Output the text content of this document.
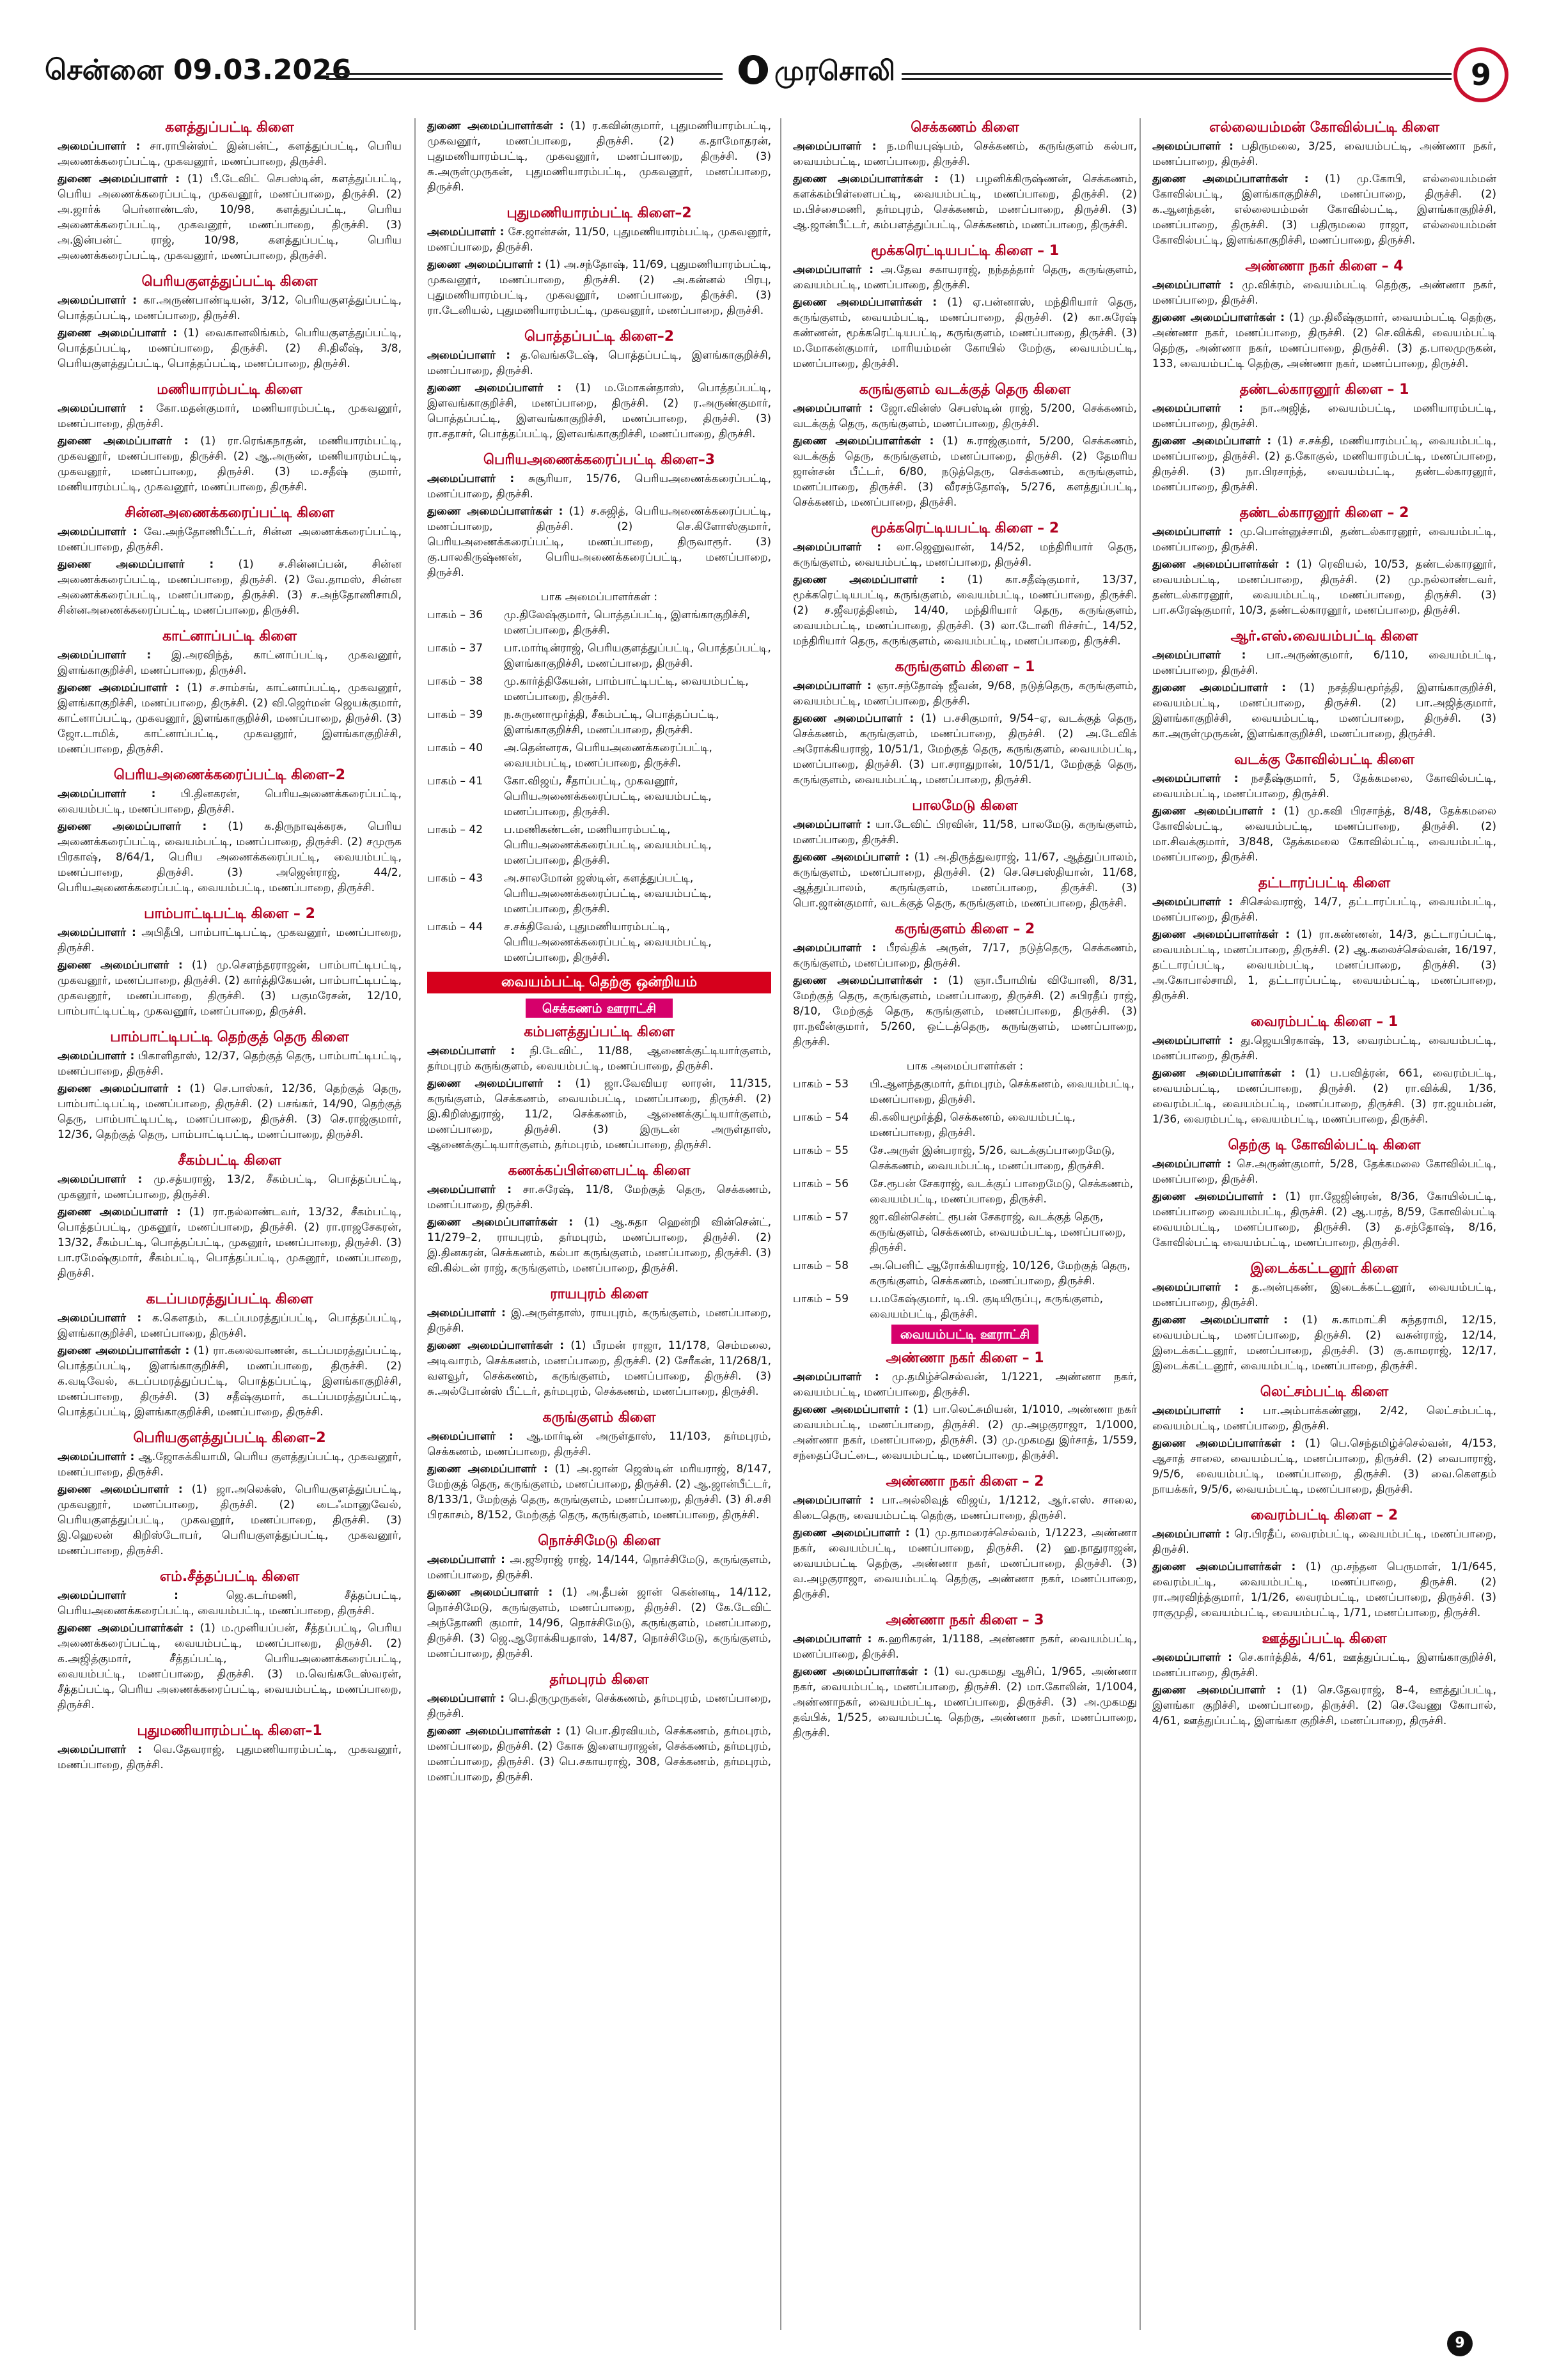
சென்னை 09.03.2026	முரசொலி	9
களத்துப்பட்டி கிளை
அமைப்பாளர் : சா.ராபின்ஸ்ட் இன்பன்ட், களத்துப்பட்டி, பெரிய அணைக்கரைப்பட்டி, முகவனூர், மணப்பாறை, திருச்சி.
துணை அமைப்பாளர் : (1) பீ.டேவிட் செபஸ்டின், களத்துப்பட்டி, பெரிய அணைக்கரைப்பட்டி, முகவனூர், மணப்பாறை, திருச்சி. (2) அ.ஜார்க் பெர்னாண்டஸ், 10/98, களத்துப்பட்டி, பெரிய அணைக்கரைப்பட்டி, முகவனூர், மணப்பாறை, திருச்சி. (3) அ.இன்பன்ட் ராஜ், 10/98, களத்துப்பட்டி, பெரிய அணைக்கரைப்பட்டி, முகவனூர், மணப்பாறை, திருச்சி.
பெரியகுளத்துப்பட்டி கிளை
அமைப்பாளர் : கா.அருண்பாண்டியன், 3/12, பெரியகுளத்துப்பட்டி, பொத்தப்பட்டி, மணப்பாறை, திருச்சி.
துணை அமைப்பாளர் : (1) வைகானலிங்கம், பெரியகுளத்துப்பட்டி, பொத்தப்பட்டி, மணப்பாறை, திருச்சி. (2) சி.திலீஷ், 3/8, பெரியகுளத்துப்பட்டி, பொத்தப்பட்டி, மணப்பாறை, திருச்சி.
மணியாரம்பட்டி கிளை
அமைப்பாளர் : கோ.மதன்குமார், மணியாரம்பட்டி, முகவனூர், மணப்பாறை, திருச்சி.
துணை அமைப்பாளர் : (1) ரா.ரெங்கநாதன், மணியாரம்பட்டி, முகவனூர், மணப்பாறை, திருச்சி. (2) ஆ.அருண், மணியாரம்பட்டி, முகவனூர், மணப்பாறை, திருச்சி. (3) ம.சதீஷ் குமார், மணியாரம்பட்டி, முகவனூர், மணப்பாறை, திருச்சி.
சின்னஅணைக்கரைப்பட்டி கிளை
அமைப்பாளர் : வே.அந்தோணிபீட்டர், சின்ன அணைக்கரைப்பட்டி, மணப்பாறை, திருச்சி.
துணை அமைப்பாளர் : (1) ச.சின்னப்பன், சின்ன அணைக்கரைப்பட்டி, மணப்பாறை, திருச்சி. (2) வே.தாமஸ், சின்ன அணைக்கரைப்பட்டி, மணப்பாறை, திருச்சி. (3) ச.அந்தோணிசாமி, சின்னஅணைக்கரைப்பட்டி, மணப்பாறை, திருச்சி.
காட்னாப்பட்டி கிளை
அமைப்பாளர் : இ.அரவிந்த், காட்னாப்பட்டி, முகவனூர், இளங்காகுறிச்சி, மணப்பாறை, திருச்சி.
துணை அமைப்பாளர் : (1) ச.சாம்சங், காட்னாப்பட்டி, முகவனூர், இளங்காகுறிச்சி, மணப்பாறை, திருச்சி. (2) வி.ஜெர்மன் ஜெயக்குமார், காட்னாப்பட்டி, முகவனூர், இளங்காகுறிச்சி, மணப்பாறை, திருச்சி. (3) ஜோ.டாமிக், காட்னாப்பட்டி, முகவனூர், இளங்காகுறிச்சி, மணப்பாறை, திருச்சி.
பெரியஅணைக்கரைப்பட்டி கிளை–2
அமைப்பாளர் : பி.தினகரன், பெரியஅணைக்கரைப்பட்டி, வையம்பட்டி, மணப்பாறை, திருச்சி.
துணை அமைப்பாளர் : (1) க.திருநாவுக்கரசு, பெரிய அணைக்கரைப்பட்டி, வையம்பட்டி, மணப்பாறை, திருச்சி. (2) சமுருக பிரகாஷ், 8/64/1, பெரிய அணைக்கரைப்பட்டி, வையம்பட்டி, மணப்பாறை, திருச்சி. (3) அஜென்ராஜ், 44/2, பெரியஅணைக்கரைப்பட்டி, வையம்பட்டி, மணப்பாறை, திருச்சி.
பாம்பாட்டிபட்டி கிளை – 2
அமைப்பாளர் : அபிதீபி, பாம்பாட்டிபட்டி, முகவனூர், மணப்பாறை, திருச்சி.
துணை அமைப்பாளர் : (1) மு.செளந்தரராஜன், பாம்பாட்டிபட்டி, முகவனூர், மணப்பாறை, திருச்சி. (2) கார்த்திகேயன், பாம்பாட்டிபட்டி, முகவனூர், மணப்பாறை, திருச்சி. (3) பகுமரேசன், 12/10, பாம்பாட்டிபட்டி, முகவனூர், மணப்பாறை, திருச்சி.
பாம்பாட்டிபட்டி தெற்குத் தெரு கிளை
அமைப்பாளர் : பிகாளிதாஸ், 12/37, தெற்குத் தெரு, பாம்பாட்டிபட்டி, மணப்பாறை, திருச்சி.
துணை அமைப்பாளர் : (1) செ.பாஸ்கர், 12/36, தெற்குத் தெரு, பாம்பாட்டிபட்டி, மணப்பாறை, திருச்சி. (2) பசங்கர், 14/90, தெற்குத் தெரு, பாம்பாட்டிபட்டி, மணப்பாறை, திருச்சி. (3) செ.ராஜ்குமார், 12/36, தெற்குத் தெரு, பாம்பாட்டிபட்டி, மணப்பாறை, திருச்சி.
சீகம்பட்டி கிளை
அமைப்பாளர் : மு.சத்யராஜ், 13/2, சீகம்பட்டி, பொத்தப்பட்டி, முகனூர், மணப்பாறை, திருச்சி.
துணை அமைப்பாளர் : (1) ரா.நல்லாண்டவர், 13/32, சீகம்பட்டி, பொத்தப்பட்டி, முகனூர், மணப்பாறை, திருச்சி. (2) ரா.ராஜசேகரன், 13/32, சீகம்பட்டி, பொத்தப்பட்டி, முகனூர், மணப்பாறை, திருச்சி. (3) பா.ரமேஷ்குமார், சீகம்பட்டி, பொத்தப்பட்டி, முகனூர், மணப்பாறை, திருச்சி.
கடப்பமரத்துப்பட்டி கிளை
அமைப்பாளர் : க.கெளதம், கடப்பமரத்துப்பட்டி, பொத்தப்பட்டி, இளங்காகுறிச்சி, மணப்பாறை, திருச்சி.
துணை அமைப்பாளர்கள் : (1) ரா.கலைவாணன், கடப்பமரத்துப்பட்டி, பொத்தப்பட்டி, இளங்காகுறிச்சி, மணப்பாறை, திருச்சி. (2) க.வடிவேல், கடப்பமரத்துப்பட்டி, பொத்தப்பட்டி, இளங்காகுறிச்சி, மணப்பாறை, திருச்சி. (3) சதீஷ்குமார், கடப்பமரத்துப்பட்டி, பொத்தப்பட்டி, இளங்காகுறிச்சி, மணப்பாறை, திருச்சி.
பெரியகுளத்துப்பட்டி கிளை–2
அமைப்பாளர் : ஆ.ஜோசுக்கியாமி, பெரிய குளத்துப்பட்டி, முகவனூர், மணப்பாறை, திருச்சி.
துணை அமைப்பாளர் : (1) ஜா.அலெக்ஸ், பெரியகுளத்துப்பட்டி, முகவனூர், மணப்பாறை, திருச்சி. (2) டைஃமானுவேல், பெரியகுளத்துப்பட்டி, முகவனூர், மணப்பாறை, திருச்சி. (3) இ.ஹெலன் கிறிஸ்டோபர், பெரியகுளத்துப்பட்டி, முகவனூர், மணப்பாறை, திருச்சி.
எம்.சீத்தப்பட்டி கிளை
அமைப்பாளர் :	ஜெ.கடர்மணி, சீத்தப்பட்டி, பெரியஅணைக்கரைப்பட்டி, வையம்பட்டி, மணப்பாறை, திருச்சி.
துணை அமைப்பாளர்கள் : (1) ம.முனியப்பன், சீத்தப்பட்டி, பெரிய அணைக்கரைப்பட்டி, வையம்பட்டி, மணப்பாறை, திருச்சி. (2) க.அஜித்குமார், சீத்தப்பட்டி, பெரியஅணைக்கரைப்பட்டி, வையம்பட்டி, மணப்பாறை, திருச்சி. (3) ம.வெங்கடேஸ்வரன், சீத்தப்பட்டி, பெரிய அணைக்கரைப்பட்டி, வையம்பட்டி, மணப்பாறை, திருச்சி.
புதுமணியாரம்பட்டி கிளை–1
அமைப்பாளர் : வெ.தேவராஜ், புதுமணியாரம்பட்டி, முகவனூர், மணப்பாறை, திருச்சி.
துணை அமைப்பாளர்கள் : (1) ர.கவின்குமார், புதுமணியாரம்பட்டி, முகவனூர், மணப்பாறை, திருச்சி. (2) க.தாமோதரன், புதுமணியாரம்பட்டி, முகவனூர், மணப்பாறை, திருச்சி. (3) சு.அருள்முருகன், புதுமணியாரம்பட்டி, முகவனூர், மணப்பாறை, திருச்சி.
புதுமணியாரம்பட்டி கிளை–2
அமைப்பாளர் : சே.ஜான்சன், 11/50, புதுமணியாரம்பட்டி, முகவனூர், மணப்பாறை, திருச்சி.
துணை அமைப்பாளர் : (1) அ.சந்தோஷ், 11/69, புதுமணியாரம்பட்டி, முகவனூர், மணப்பாறை, திருச்சி. (2) அ.கன்னல் பிரபு, புதுமணியாரம்பட்டி, முகவனூர், மணப்பாறை, திருச்சி. (3) ரா.டேனியல், புதுமணியாரம்பட்டி, முகவனூர், மணப்பாறை, திருச்சி.
பொத்தப்பட்டி கிளை–2
அமைப்பாளர் : த.வெங்கடேஷ், பொத்தப்பட்டி, இளங்காகுறிச்சி, மணப்பாறை, திருச்சி.
துணை அமைப்பாளர் : (1) ம.மோகன்தாஸ், பொத்தப்பட்டி, இளவங்காகுறிச்சி, மணப்பாறை, திருச்சி. (2) ர.அருண்குமார், பொத்தப்பட்டி, இளவங்காகுறிச்சி, மணப்பாறை, திருச்சி. (3) ரா.சதாசர், பொத்தப்பட்டி, இளவங்காகுறிச்சி, மணப்பாறை, திருச்சி.
பெரியஅணைக்கரைப்பட்டி கிளை–3
அமைப்பாளர் : சுசூரியா, 15/76, பெரியஅணைக்கரைப்பட்டி, மணப்பாறை, திருச்சி.
துணை அமைப்பாளர்கள் : (1) ச.சுஜித், பெரியஅணைக்கரைப்பட்டி, மணப்பாறை, திருச்சி. (2) செ.கிளோஸ்குமார், பெரியஅணைக்கரைப்பட்டி, மணப்பாறை, திருவாரூர். (3) கு.பாலகிருஷ்ணன், பெரியஅணைக்கரைப்பட்டி, மணப்பாறை, திருச்சி.
பாக அமைப்பாளர்கள் :
பாகம் – 36	மு.திலேஷ்குமார், பொத்தப்பட்டி, இளங்காகுறிச்சி, மணப்பாறை, திருச்சி.
பாகம் – 37	பா.மார்டின்ராஜ், பெரியகுளத்துப்பட்டி, பொத்தப்பட்டி, இளங்காகுறிச்சி, மணப்பாறை, திருச்சி.
பாகம் – 38	மு.கார்த்திகேயன், பாம்பாட்டிபட்டி, வையம்பட்டி, மணப்பாறை, திருச்சி.
பாகம் – 39	ந.சுருணாமூர்த்தி, சீகம்பட்டி, பொத்தப்பட்டி, இளங்காகுறிச்சி, மணப்பாறை, திருச்சி.
பாகம் – 40	அ.தென்னரசு, பெரியஅணைக்கரைப்பட்டி, வையம்பட்டி, மணப்பாறை, திருச்சி.
பாகம் – 41	கோ.விஜய், சீதாப்பட்டி, முகவனூர், பெரியஅணைக்கரைப்பட்டி, வையம்பட்டி, மணப்பாறை, திருச்சி.
பாகம் – 42	ப.மணிகண்டன், மணியாரம்பட்டி, பெரியஅணைக்கரைப்பட்டி, வையம்பட்டி, மணப்பாறை, திருச்சி.
பாகம் – 43	அ.சாலமோன் ஜஸ்டின், களத்துப்பட்டி, பெரியஅணைக்கரைப்பட்டி, வையம்பட்டி, மணப்பாறை, திருச்சி.
பாகம் – 44	ச.சக்திவேல், புதுமணியாரம்பட்டி, பெரியஅணைக்கரைப்பட்டி, வையம்பட்டி, மணப்பாறை, திருச்சி.
வையம்பட்டி தெற்கு ஒன்றியம்
செக்கணம் ஊராட்சி
கம்பளத்துப்பட்டி கிளை
அமைப்பாளர் : நி.டேவிட், 11/88, ஆணைக்குட்டியார்குளம், தர்மபுரம் கருங்குளம், வையம்பட்டி, மணப்பாறை, திருச்சி.
துணை அமைப்பாளர் : (1) ஜா.வேவியர லாரன், 11/315, கருங்குளம், செக்கணம், வையம்பட்டி, மணப்பாறை, திருச்சி. (2) இ.கிறிஸ்துராஜ், 11/2, செக்கணம், ஆணைக்குட்டியார்குளம், மணப்பாறை, திருச்சி. (3) இருடன் அருள்தாஸ், ஆணைக்குட்டியார்குளம், தர்மபுரம், மணப்பாறை, திருச்சி.
கணக்கப்பிள்ளைபட்டி கிளை
அமைப்பாளர் : சா.சுரேஷ், 11/8, மேற்குத் தெரு, செக்கணம், மணப்பாறை, திருச்சி.
துணை அமைப்பாளர்கள் : (1) ஆ.சுதா ஹென்றி வின்சென்ட், 11/279–2, ராயபுரம், தர்மபுரம், மணப்பாறை, திருச்சி. (2) இ.தினகரன், செக்கணம், கல்பா கருங்குளம், மணப்பாறை, திருச்சி. (3) வி.கில்டன் ராஜ், கருங்குளம், மணப்பாறை, திருச்சி.
ராயபுரம் கிளை
அமைப்பாளர் : இ.அருள்தாஸ், ராயபுரம், கருங்குளம், மணப்பாறை, திருச்சி.
துணை அமைப்பாளர்கள் : (1) பீரமன் ராஜா, 11/178, செம்மலை, அடிவாரம், செக்கணம், மணப்பாறை, திருச்சி. (2) சேரீகன், 11/268/1, வளவூர், செக்கணம், கருங்குளம், மணப்பாறை, திருச்சி. (3) சு.அல்போன்ஸ் பீட்டர், தர்மபுரம், செக்கணம், மணப்பாறை, திருச்சி.
கருங்குளம் கிளை
அமைப்பாளர் : ஆ.மார்டின் அருள்தாஸ், 11/103, தர்மபுரம், செக்கணம், மணப்பாறை, திருச்சி.
துணை அமைப்பாளர் : (1) அ.ஜான் ஜெஸ்டின் மரியராஜ், 8/147, மேற்குத் தெரு, கருங்குளம், மணப்பாறை, திருச்சி. (2) ஆ.ஜான்பீட்டர், 8/133/1, மேற்குத் தெரு, கருங்குளம், மணப்பாறை, திருச்சி. (3) சி.சசி பிரகாசம், 8/152, மேற்குத் தெரு, கருங்குளம், மணப்பாறை, திருச்சி.
நொச்சிமேடு கிளை
அமைப்பாளர் : அ.ஜூராஜ் ராஜ், 14/144, நொச்சிமேடு, கருங்குளம், மணப்பாறை, திருச்சி.
துணை அமைப்பாளர் : (1) அ.தீபன் ஜான் கென்னடி, 14/112, நொச்சிமேடு, கருங்குளம், மணப்பாறை, திருச்சி. (2) கே.டேவிட் அந்தோணி குமார், 14/96, நொச்சிமேடு, கருங்குளம், மணப்பாறை, திருச்சி. (3) ஜெ.ஆரோக்கியதாஸ், 14/87, நொச்சிமேடு, கருங்குளம், மணப்பாறை, திருச்சி.
தர்மபுரம் கிளை
அமைப்பாளர் : பெ.திருமுருகன், செக்கணம், தர்மபுரம், மணப்பாறை, திருச்சி.
துணை அமைப்பாளர்கள் : (1) பொ.திரவியம், செக்கணம், தர்மபுரம், மணப்பாறை, திருச்சி. (2) கோசு இளையராஜன், செக்கணம், தர்மபுரம், மணப்பாறை, திருச்சி. (3) பெ.சகாயராஜ், 308, செக்கணம், தர்மபுரம், மணப்பாறை, திருச்சி.
செக்கணம் கிளை
அமைப்பாளர் : ந.மரியபுஷ்பம், செக்கணம், கருங்குளம் கல்பா, வையம்பட்டி, மணப்பாறை, திருச்சி.
துணை அமைப்பாளர்கள் : (1) பழனிக்கிருஷ்ணன், செக்கணம், களக்கம்பிள்ளைபட்டி, வையம்பட்டி, மணப்பாறை, திருச்சி. (2) ம.பிச்சைமணி, தர்மபுரம், செக்கணம், மணப்பாறை, திருச்சி. (3) ஆ.ஜான்பீட்டர், கம்பளத்துப்பட்டி, செக்கணம், மணப்பாறை, திருச்சி.
மூக்கரெட்டியபட்டி கிளை – 1
அமைப்பாளர் : அ.தேவ சகாயராஜ், நந்தத்தார் தெரு, கருங்குளம், வையம்பட்டி, மணப்பாறை, திருச்சி.
துணை அமைப்பாளர்கள் : (1) ஏ.பன்னாஸ், மந்திரியார் தெரு, கருங்குளம், வையம்பட்டி, மணப்பாறை, திருச்சி. (2) கா.சுரேஷ் கண்ணன், மூக்கரெட்டியபட்டி, கருங்குளம், மணப்பாறை, திருச்சி. (3) ம.மோகன்குமார், மாரியம்மன் கோயில் மேற்கு, வையம்பட்டி, மணப்பாறை, திருச்சி.
கருங்குளம் வடக்குத் தெரு கிளை
அமைப்பாளர் : ஜோ.வின்ஸ் செபஸ்டின் ராஜ், 5/200, செக்கணம், வடக்குத் தெரு, கருங்குளம், மணப்பாறை, திருச்சி.
துணை அமைப்பாளர்கள் : (1) சு.ராஜ்குமார், 5/200, செக்கணம், வடக்குத் தெரு, கருங்குளம், மணப்பாறை, திருச்சி. (2) தேமரிய ஜான்சன் பீட்டர், 6/80, நடுத்தெரு, செக்கணம், கருங்குளம், மணப்பாறை, திருச்சி. (3) வீரசந்தோஷ், 5/276, களத்துப்பட்டி, செக்கணம், மணப்பாறை, திருச்சி.
மூக்கரெட்டியபட்டி கிளை – 2
அமைப்பாளர் : லா.ஜெனுவான், 14/52, மந்திரியார் தெரு, கருங்குளம், வையம்பட்டி, மணப்பாறை, திருச்சி.
துணை அமைப்பாளர் : (1) கா.சதீஷ்குமார், 13/37, மூக்கரெட்டியபட்டி, கருங்குளம், வையம்பட்டி, மணப்பாறை, திருச்சி. (2) ச.ஜீவரத்தினம், 14/40, மந்திரியார் தெரு, கருங்குளம், வையம்பட்டி, மணப்பாறை, திருச்சி. (3) லா.டோனி ரிச்சர்ட், 14/52, மந்திரியார் தெரு, கருங்குளம், வையம்பட்டி, மணப்பாறை, திருச்சி.
கருங்குளம் கிளை – 1
அமைப்பாளர் : ஞா.சந்தோஷ் ஜீவன், 9/68, நடுத்தெரு, கருங்குளம், வையம்பட்டி, மணப்பாறை, திருச்சி.
துணை அமைப்பாளர் : (1) ப.சசிகுமார், 9/54–ஏ, வடக்குத் தெரு, செக்கணம், கருங்குளம், மணப்பாறை, திருச்சி. (2) அ.டேவிக் அரோக்கியராஜ், 10/51/1, மேற்குத் தெரு, கருங்குளம், வையம்பட்டி, மணப்பாறை, திருச்சி. (3) பா.சராதுறான், 10/51/1, மேற்குத் தெரு, கருங்குளம், வையம்பட்டி, மணப்பாறை, திருச்சி.
பாலமேடு கிளை
அமைப்பாளர் : யா.டேவிட் பிரவின், 11/58, பாலமேடு, கருங்குளம், மணப்பாறை, திருச்சி.
துணை அமைப்பாளர் : (1) அ.திருத்துவராஜ், 11/67, ஆத்துப்பாலம், கருங்குளம், மணப்பாறை, திருச்சி. (2) செ.செபஸ்தியான், 11/68, ஆத்துப்பாலம், கருங்குளம், மணப்பாறை, திருச்சி. (3) பொ.ஜான்குமார், வடக்குத் தெரு, கருங்குளம், மணப்பாறை, திருச்சி.
கருங்குளம் கிளை – 2
அமைப்பாளர் : பீரவ்திக் அருள், 7/17, நடுத்தெரு, செக்கணம், கருங்குளம், மணப்பாறை, திருச்சி.
துணை அமைப்பாளர்கள் : (1) ஞா.பீபாமிங் வியோனி, 8/31, மேற்குத் தெரு, கருங்குளம், மணப்பாறை, திருச்சி. (2) சுபிரதீப் ராஜ், 8/10, மேற்குத் தெரு, கருங்குளம், மணப்பாறை, திருச்சி. (3) ரா.நவீன்குமார், 5/260, ஒட்டத்தெரு, கருங்குளம், மணப்பாறை, திருச்சி.
பாக அமைப்பாளர்கள் :
பாகம் – 53	பி.ஆனந்தகுமார், தர்மபுரம், செக்கணம், வையம்பட்டி, மணப்பாறை, திருச்சி.
பாகம் – 54	கி.கலியமூர்த்தி, செக்கணம், வையம்பட்டி, மணப்பாறை, திருச்சி.
பாகம் – 55	சே.அருள் இன்பராஜ், 5/26, வடக்குப்பாறைமேடு, செக்கணம், வையம்பட்டி, மணப்பாறை, திருச்சி.
பாகம் – 56	சே.ரூபன் சேகராஜ், வடக்குப் பாறைமேடு, செக்கணம், வையம்பட்டி, மணப்பாறை, திருச்சி.
பாகம் – 57	ஜா.வின்சென்ட் ரூபன் சேகராஜ், வடக்குத் தெரு, கருங்குளம், செக்கணம், வையம்பட்டி, மணப்பாறை, திருச்சி.
பாகம் – 58	அ.பெனிட் ஆரோக்கியராஜ், 10/126, மேற்குத் தெரு, கருங்குளம், செக்கணம், மணப்பாறை, திருச்சி.
பாகம் – 59	ப.மகேஷ்குமார், டி.பி. குடியிருப்பு, கருங்குளம், வையம்பட்டி, திருச்சி.
வையம்பட்டி ஊராட்சி
அண்ணா நகர் கிளை – 1
அமைப்பாளர் : மு.தமிழ்ச்செல்வன், 1/1221, அண்ணா நகர், வையம்பட்டி, மணப்பாறை, திருச்சி.
துணை அமைப்பாளர் : (1) பா.லெட்சுமியன், 1/1010, அண்ணா நகர் வையம்பட்டி, மணப்பாறை, திருச்சி. (2) மு.அழகுராஜா, 1/1000, அண்ணா நகர், மணப்பாறை, திருச்சி. (3) மு.முகமது இர்சாத், 1/559, சந்தைப்பேட்டை, வையம்பட்டி, மணப்பாறை, திருச்சி.
அண்ணா நகர் கிளை – 2
அமைப்பாளர் : பா.அல்லிவுத் விஜய், 1/1212, ஆர்.எஸ். சாலை, கிடைதெரு, வையம்பட்டி தெற்கு, மணப்பாறை, திருச்சி.
துணை அமைப்பாளர் : (1) மு.தாமரைச்செல்வம், 1/1223, அண்ணா நகர், வையம்பட்டி, மணப்பாறை, திருச்சி. (2) ஹ.நாதுராஜன், வையம்பட்டி தெற்கு, அண்ணா நகர், மணப்பாறை, திருச்சி. (3) வ.அழகுராஜா, வையம்பட்டி தெற்கு, அண்ணா நகர், மணப்பாறை, திருச்சி.
அண்ணா நகர் கிளை – 3
அமைப்பாளர் : சு.ஹரிகரன், 1/1188, அண்ணா நகர், வையம்பட்டி, மணப்பாறை, திருச்சி.
துணை அமைப்பாளர்கள் : (1) வ.முகமது ஆசிப், 1/965, அண்ணா நகர், வையம்பட்டி, மணப்பாறை, திருச்சி. (2) மா.கோலின், 1/1004, அண்ணாநகர், வையம்பட்டி, மணப்பாறை, திருச்சி. (3) அ.முகமது தவ்பிக், 1/525, வையம்பட்டி தெற்கு, அண்ணா நகர், மணப்பாறை, திருச்சி.
எல்லையம்மன் கோவில்பட்டி கிளை
அமைப்பாளர் : பதிருமலை, 3/25, வையம்பட்டி, அண்ணா நகர், மணப்பாறை, திருச்சி.
துணை அமைப்பாளர்கள் : (1) மு.கோபி, எல்லையம்மன் கோவில்பட்டி, இளங்காகுறிச்சி, மணப்பாறை, திருச்சி. (2) க.ஆனந்தன், எல்லையம்மன் கோவில்பட்டி, இளங்காகுறிச்சி, மணப்பாறை, திருச்சி. (3) பதிருமலை ராஜா, எல்லையம்மன் கோவில்பட்டி, இளங்காகுறிச்சி, மணப்பாறை, திருச்சி.
அண்ணா நகர் கிளை – 4
அமைப்பாளர் : மு.விக்ரம், வையம்பட்டி தெற்கு, அண்ணா நகர், மணப்பாறை, திருச்சி.
துணை அமைப்பாளர்கள் : (1) மு.திலீஷ்குமார், வையம்பட்டி தெற்கு, அண்ணா நகர், மணப்பாறை, திருச்சி. (2) செ.விக்கி, வையம்பட்டி தெற்கு, அண்ணா நகர், மணப்பாறை, திருச்சி. (3) த.பாலமுருகன், 133, வையம்பட்டி தெற்கு, அண்ணா நகர், மணப்பாறை, திருச்சி.
தண்டல்காரனூர் கிளை – 1
அமைப்பாளர் : நா.அஜித், வையம்பட்டி, மணியாரம்பட்டி, மணப்பாறை, திருச்சி.
துணை அமைப்பாளர் : (1) ச.சக்தி, மணியாரம்பட்டி, வையம்பட்டி, மணப்பாறை, திருச்சி. (2) த.கோகுல், மணியாரம்பட்டி, மணப்பாறை, திருச்சி. (3) நா.பிரசாந்த், வையம்பட்டி, தண்டல்காரனூர், மணப்பாறை, திருச்சி.
தண்டல்காரனூர் கிளை – 2
அமைப்பாளர் : மு.பொன்னுச்சாமி, தண்டல்காரனூர், வையம்பட்டி, மணப்பாறை, திருச்சி.
துணை அமைப்பாளர்கள் : (1) ரெவியல், 10/53, தண்டல்காரனூர், வையம்பட்டி, மணப்பாறை, திருச்சி. (2) மு.நல்லாண்டவர், தண்டல்காரனூர், வையம்பட்டி, மணப்பாறை, திருச்சி. (3) பா.சுரேஷ்குமார், 10/3, தண்டல்காரனூர், மணப்பாறை, திருச்சி.
ஆர்.எஸ்.வையம்பட்டி கிளை
அமைப்பாளர் : பா.அருண்குமார், 6/110, வையம்பட்டி, மணப்பாறை, திருச்சி.
துணை அமைப்பாளர் : (1) நசத்தியமூர்த்தி, இளங்காகுறிச்சி, வையம்பட்டி, மணப்பாறை, திருச்சி. (2) பா.அஜித்குமார், இளங்காகுறிச்சி, வையம்பட்டி, மணப்பாறை, திருச்சி. (3) கா.அருள்முருகன், இளங்காகுறிச்சி, மணப்பாறை, திருச்சி.
வடக்கு கோவில்பட்டி கிளை
அமைப்பாளர் : நசதீஷ்குமார், 5, தேக்கமலை, கோவில்பட்டி, வையம்பட்டி, மணப்பாறை, திருச்சி.
துணை அமைப்பாளர் : (1) மு.கவி பிரசாந்த், 8/48, தேக்கமலை கோவில்பட்டி, வையம்பட்டி, மணப்பாறை, திருச்சி. (2) மா.சிவக்குமார், 3/848, தேக்கமலை கோவில்பட்டி, வையம்பட்டி, மணப்பாறை, திருச்சி.
தட்டாரப்பட்டி கிளை
அமைப்பாளர் : சிசெல்வராஜ், 14/7, தட்டாரப்பட்டி, வையம்பட்டி, மணப்பாறை, திருச்சி.
துணை அமைப்பாளர்கள் : (1) ரா.கண்ணன், 14/3, தட்டாரப்பட்டி, வையம்பட்டி, மணப்பாறை, திருச்சி. (2) ஆ.கலைச்செல்வன், 16/197, தட்டாரப்பட்டி, வையம்பட்டி, மணப்பாறை, திருச்சி. (3) அ.கோபால்சாமி, 1, தட்டாரப்பட்டி, வையம்பட்டி, மணப்பாறை, திருச்சி.
வைரம்பட்டி கிளை – 1
அமைப்பாளர் : து.ஜெயபிரகாஷ், 13, வைரம்பட்டி, வையம்பட்டி, மணப்பாறை, திருச்சி.
துணை அமைப்பாளர்கள் : (1) ப.பவித்ரன், 661, வைரம்பட்டி, வையம்பட்டி, மணப்பாறை, திருச்சி. (2) ரா.விக்கி, 1/36, வைரம்பட்டி, வையம்பட்டி, மணப்பாறை, திருச்சி. (3) ரா.ஜயம்பன், 1/36, வைரம்பட்டி, வையம்பட்டி, மணப்பாறை, திருச்சி.
தெற்கு டி கோவில்பட்டி கிளை
அமைப்பாளர் : செ.அருண்குமார், 5/28, தேக்கமலை கோவில்பட்டி, மணப்பாறை, திருச்சி.
துணை அமைப்பாளர் : (1) ரா.ஜேஜின்ரன், 8/36, கோயில்பட்டி, மணப்பாறை வையம்பட்டி, திருச்சி. (2) ஆ.பரத், 8/59, கோவில்பட்டி வையம்பட்டி, மணப்பாறை, திருச்சி. (3) த.சந்தோஷ், 8/16, கோவில்பட்டி வையம்பட்டி, மணப்பாறை, திருச்சி.
இடைக்கட்டனூர் கிளை
அமைப்பாளர் : த.அன்புகண், இடைக்கட்டனூர், வையம்பட்டி, மணப்பாறை, திருச்சி.
துணை அமைப்பாளர் : (1) சு.காமாட்சி சுந்தராமி, 12/15, வையம்பட்டி, மணப்பாறை, திருச்சி. (2) வசுன்ராஜ், 12/14, இடைக்கட்டனூர், மணப்பாறை, திருச்சி. (3) கு.காமராஜ், 12/17, இடைக்கட்டனூர், வையம்பட்டி, மணப்பாறை, திருச்சி.
லெட்சம்பட்டி கிளை
அமைப்பாளர் : பா.அம்பாக்கண்ணு, 2/42, லெட்சம்பட்டி, வையம்பட்டி, மணப்பாறை, திருச்சி.
துணை அமைப்பாளர்கள் : (1) பெ.செந்தமிழ்ச்செல்வன், 4/153, ஆசாத் சாலை, வையம்பட்டி, மணப்பாறை, திருச்சி. (2) வைபாராஜ், 9/5/6, வையம்பட்டி, மணப்பாறை, திருச்சி. (3) வை.கௌதம் நாயக்கர், 9/5/6, வையம்பட்டி, மணப்பாறை, திருச்சி.
வைரம்பட்டி கிளை – 2
அமைப்பாளர் : ரெ.பிரதீப், வைரம்பட்டி, வையம்பட்டி, மணப்பாறை, திருச்சி.
துணை அமைப்பாளர்கள் : (1) மு.சந்தன பெருமாள், 1/1/645, வைரம்பட்டி, வையம்பட்டி, மணப்பாறை, திருச்சி. (2) ரா.அரவிந்த்குமார், 1/1/26, வைரம்பட்டி, மணப்பாறை, திருச்சி. (3) ராகுமுதி, வையம்பட்டி, வையம்பட்டி, 1/71, மணப்பாறை, திருச்சி.
ஊத்துப்பட்டி கிளை
அமைப்பாளர் : செ.கார்த்திக், 4/61, ஊத்துப்பட்டி, இளங்காகுறிச்சி, மணப்பாறை, திருச்சி.
துணை அமைப்பாளர் : (1) செ.தேவராஜ், 8–4, ஊத்துப்பட்டி, இளங்கா குறிச்சி, மணப்பாறை, திருச்சி. (2) செ.வேணு கோபால், 4/61, ஊத்துப்பட்டி, இளங்கா குறிச்சி, மணப்பாறை, திருச்சி.
9
